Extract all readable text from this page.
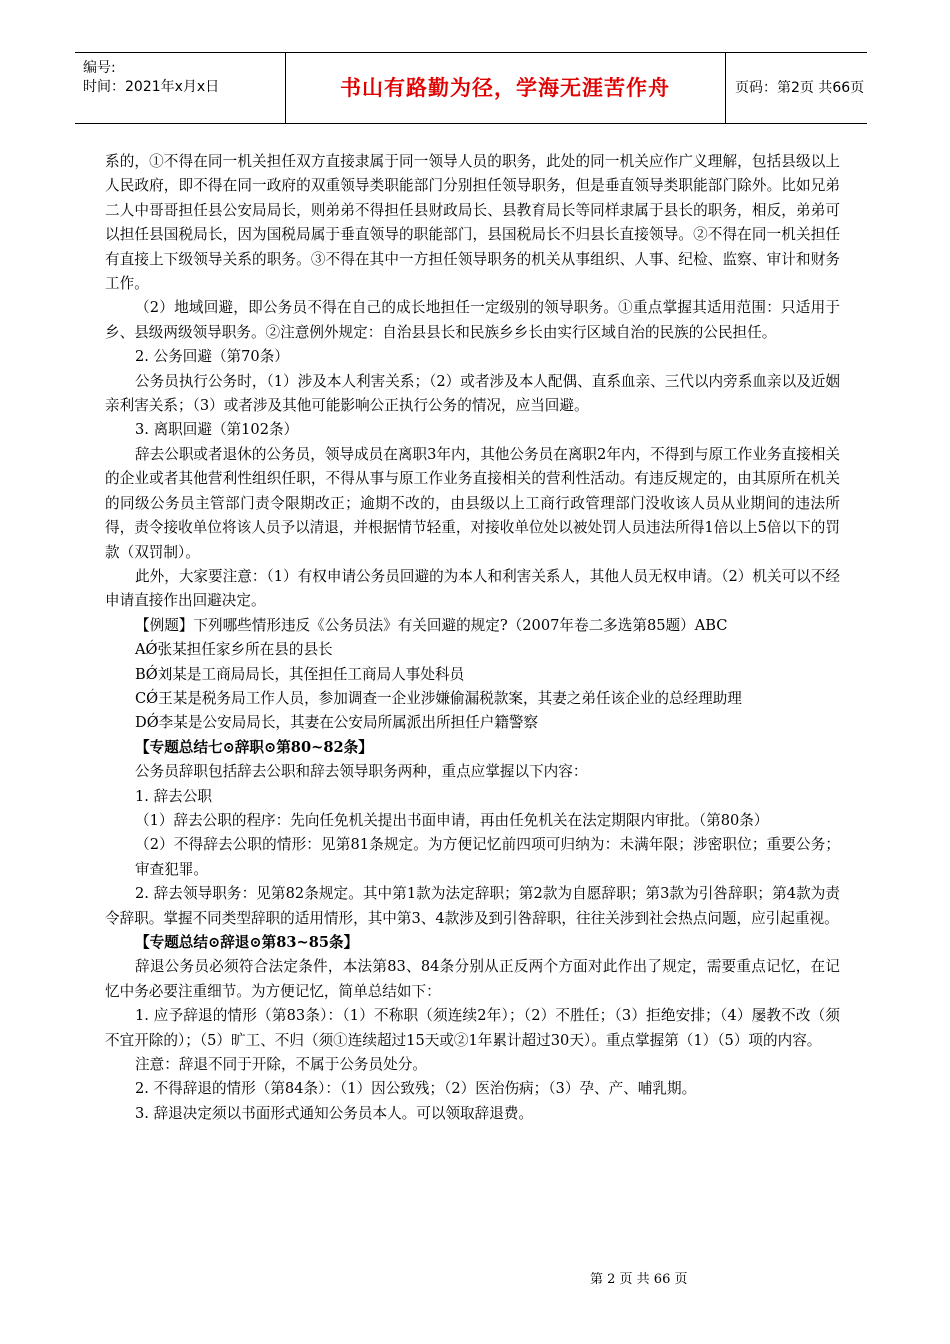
编号:
时间：2021年x月x日	书山有路勤为径，学海无涯苦作舟	页码：第2页 共66页

系的，①不得在同一机关担任双方直接隶属于同一领导人员的职务，此处的同一机关应作广义理解，包括县级以上人民政府，即不得在同一政府的双重领导类职能部门分别担任领导职务，但是垂直领导类职能部门除外。比如兄弟二人中哥哥担任县公安局局长，则弟弟不得担任县财政局长、县教育局长等同样隶属于县长的职务，相反，弟弟可以担任县国税局长，因为国税局属于垂直领导的职能部门，县国税局长不归县长直接领导。②不得在同一机关担任有直接上下级领导关系的职务。③不得在其中一方担任领导职务的机关从事组织、人事、纪检、监察、审计和财务工作。

（2）地域回避，即公务员不得在自己的成长地担任一定级别的领导职务。①重点掌握其适用范围：只适用于乡、县级两级领导职务。②注意例外规定：自治县县长和民族乡乡长由实行区域自治的民族的公民担任。

2. 公务回避（第70条）

公务员执行公务时，（1）涉及本人利害关系；（2）或者涉及本人配偶、直系血亲、三代以内旁系血亲以及近姻亲利害关系；（3）或者涉及其他可能影响公正执行公务的情况，应当回避。

3. 离职回避（第102条）

辞去公职或者退休的公务员，领导成员在离职3年内，其他公务员在离职2年内，不得到与原工作业务直接相关的企业或者其他营利性组织任职，不得从事与原工作业务直接相关的营利性活动。有违反规定的，由其原所在机关的同级公务员主管部门责令限期改正；逾期不改的，由县级以上工商行政管理部门没收该人员从业期间的违法所得，责令接收单位将该人员予以清退，并根据情节轻重，对接收单位处以被处罚人员违法所得1倍以上5倍以下的罚款（双罚制）。

此外，大家要注意：（1）有权申请公务员回避的为本人和利害关系人，其他人员无权申请。（2）机关可以不经申请直接作出回避决定。

【例题】下列哪些情形违反《公务员法》有关回避的规定?（2007年卷二多选第85题）ABC

AǾ张某担任家乡所在县的县长

BǾ刘某是工商局局长，其侄担任工商局人事处科员

CǾ王某是税务局工作人员，参加调查一企业涉嫌偷漏税款案，其妻之弟任该企业的总经理助理

DǾ李某是公安局局长，其妻在公安局所属派出所担任户籍警察

【专题总结七⊙辞职⊙第80~82条】

公务员辞职包括辞去公职和辞去领导职务两种，重点应掌握以下内容：

1. 辞去公职

（1）辞去公职的程序：先向任免机关提出书面申请，再由任免机关在法定期限内审批。（第80条）

（2）不得辞去公职的情形：见第81条规定。为方便记忆前四项可归纳为：未满年限；涉密职位；重要公务；审查犯罪。

2. 辞去领导职务：见第82条规定。其中第1款为法定辞职；第2款为自愿辞职；第3款为引咎辞职；第4款为责令辞职。掌握不同类型辞职的适用情形，其中第3、4款涉及到引咎辞职，往往关涉到社会热点问题，应引起重视。

【专题总结⊙辞退⊙第83~85条】

辞退公务员必须符合法定条件，本法第83、84条分别从正反两个方面对此作出了规定，需要重点记忆，在记忆中务必要注重细节。为方便记忆，简单总结如下：

1. 应予辞退的情形（第83条）：（1）不称职（须连续2年）；（2）不胜任；（3）拒绝安排；（4）屡教不改（须不宜开除的）；（5）旷工、不归（须①连续超过15天或②1年累计超过30天）。重点掌握第（1）（5）项的内容。

注意：辞退不同于开除，不属于公务员处分。

2. 不得辞退的情形（第84条）：（1）因公致残；（2）医治伤病；（3）孕、产、哺乳期。

3. 辞退决定须以书面形式通知公务员本人。可以领取辞退费。

第 2 页 共 66 页
